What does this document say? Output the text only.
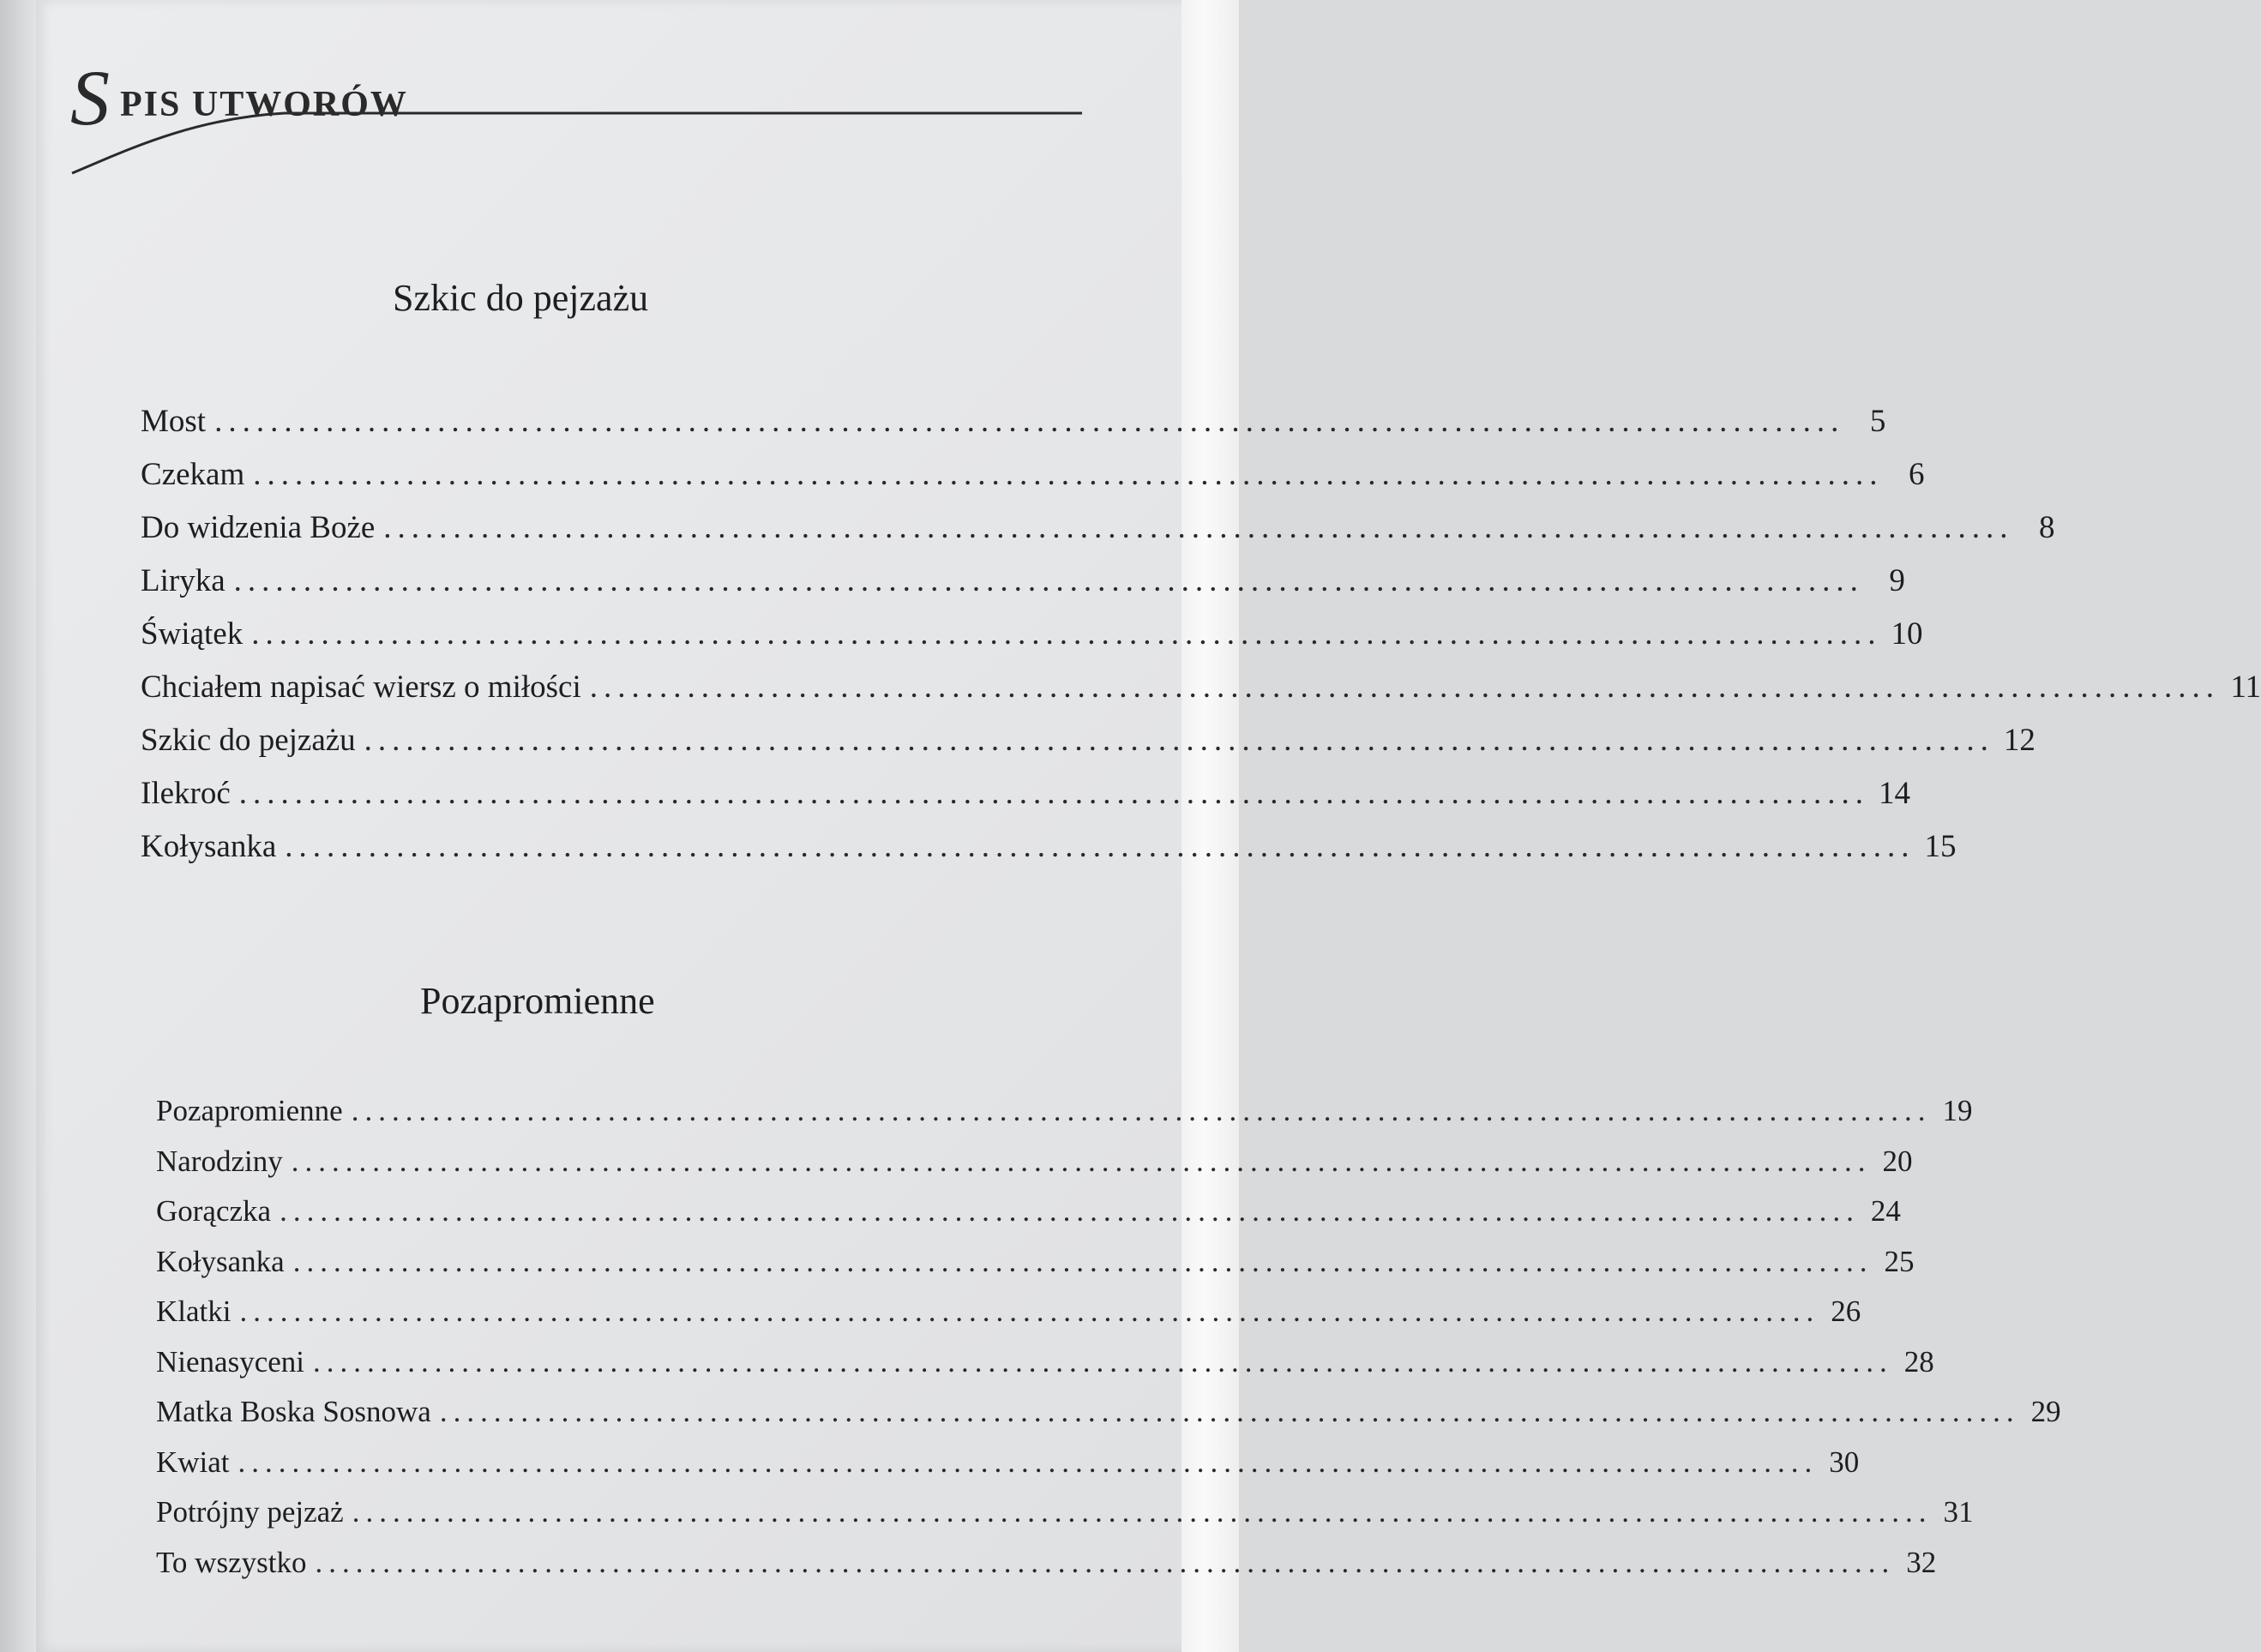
S PIS UTWORÓW
Szkic do pejzażu
Most ..................................................................................................................... 5
Czekam ..................................................................................................................... 6
Do widzenia Boże ..................................................................................................................... 8
Liryka ..................................................................................................................... 9
Świątek ..................................................................................................................... 10
Chciałem napisać wiersz o miłości ..................................................................................................................... 11
Szkic do pejzażu ..................................................................................................................... 12
Ilekroć ..................................................................................................................... 14
Kołysanka ..................................................................................................................... 15
Pozapromienne
Pozapromienne ..................................................................................................................... 19
Narodziny ..................................................................................................................... 20
Gorączka ..................................................................................................................... 24
Kołysanka ..................................................................................................................... 25
Klatki ..................................................................................................................... 26
Nienasyceni ..................................................................................................................... 28
Matka Boska Sosnowa ..................................................................................................................... 29
Kwiat ..................................................................................................................... 30
Potrójny pejzaż ..................................................................................................................... 31
To wszystko ..................................................................................................................... 32
